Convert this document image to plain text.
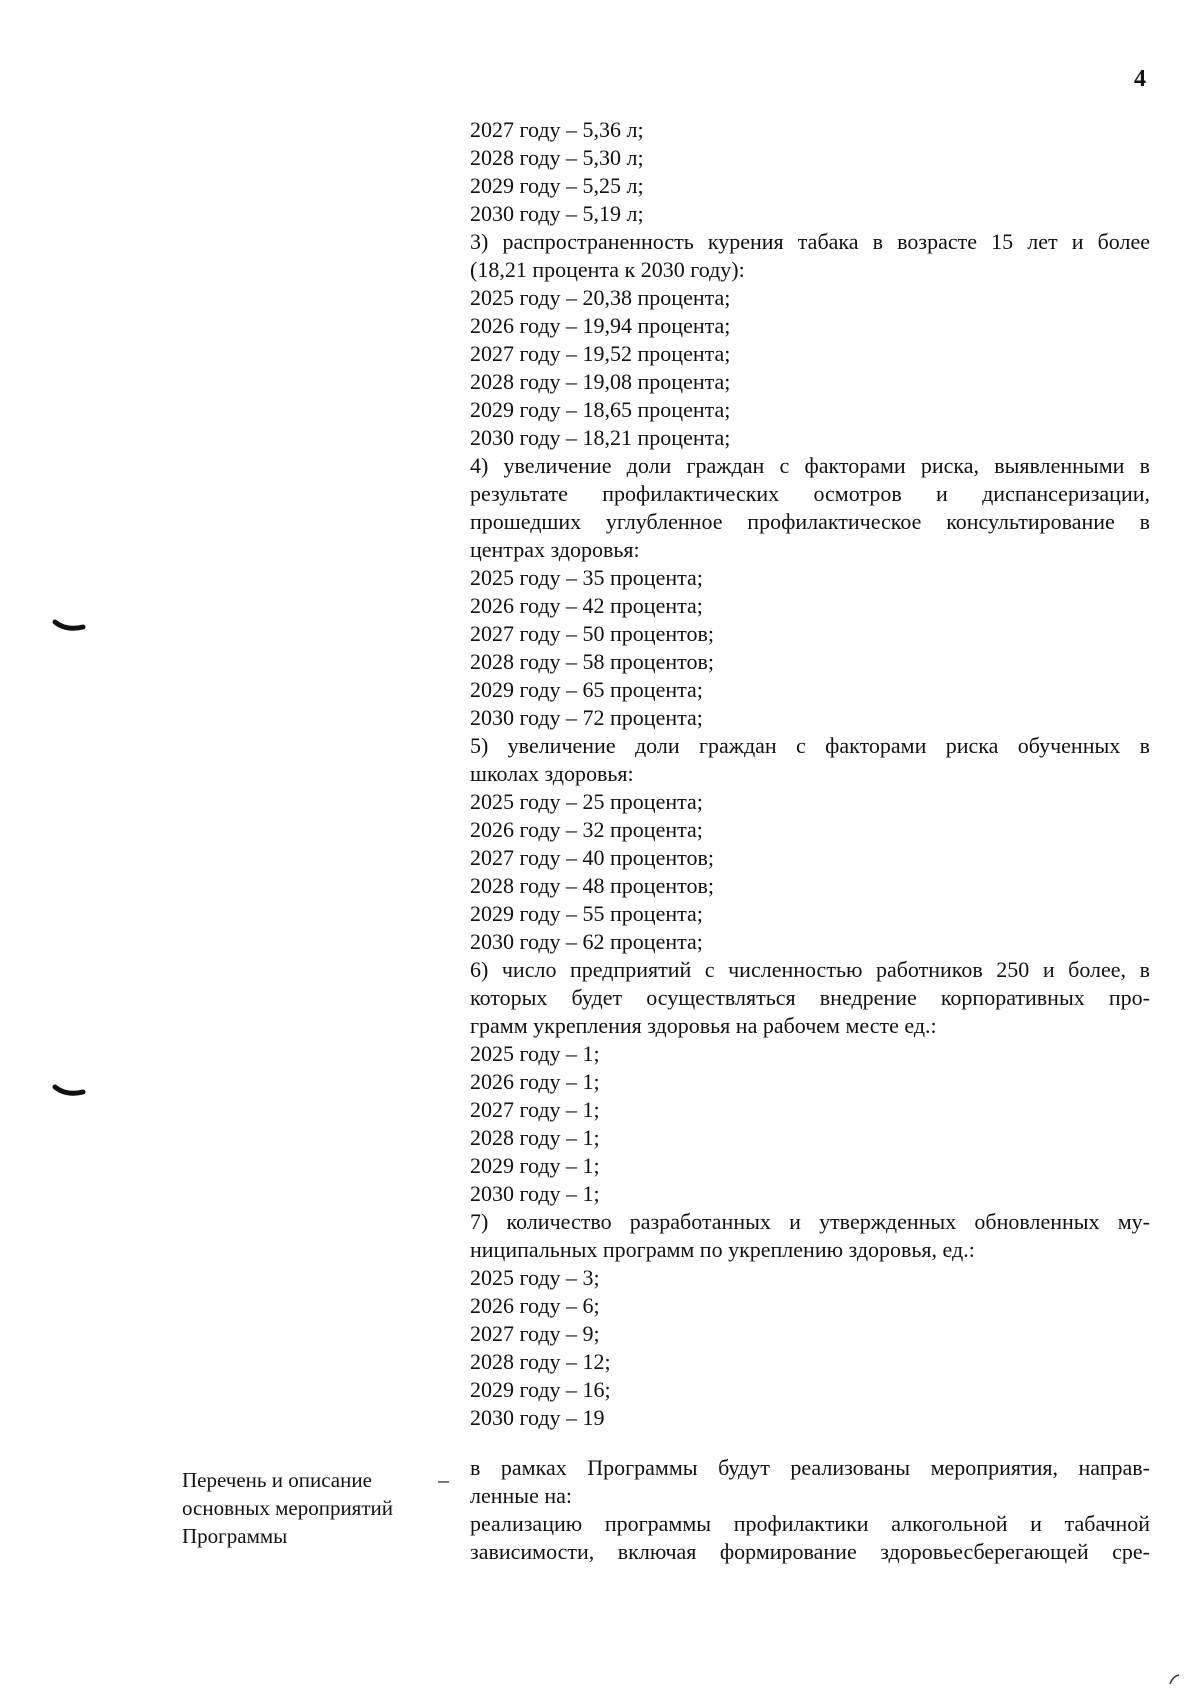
4
2027 году – 5,36 л;
2028 году – 5,30 л;
2029 году – 5,25 л;
2030 году – 5,19 л;
3) распространенность курения табака в возрасте 15 лет и более
(18,21 процента к 2030 году):
2025 году – 20,38 процента;
2026 году – 19,94 процента;
2027 году – 19,52 процента;
2028 году – 19,08 процента;
2029 году – 18,65 процента;
2030 году – 18,21 процента;
4) увеличение доли граждан с факторами риска, выявленными в
результате профилактических осмотров и диспансеризации,
прошедших углубленное профилактическое консультирование в
центрах здоровья:
2025 году – 35 процента;
2026 году – 42 процента;
2027 году – 50 процентов;
2028 году – 58 процентов;
2029 году – 65 процента;
2030 году – 72 процента;
5) увеличение доли граждан с факторами риска обученных в
школах здоровья:
2025 году – 25 процента;
2026 году – 32 процента;
2027 году – 40 процентов;
2028 году – 48 процентов;
2029 году – 55 процента;
2030 году – 62 процента;
6) число предприятий с численностью работников 250 и более, в
которых будет осуществляться внедрение корпоративных про-
грамм укрепления здоровья на рабочем месте ед.:
2025 году – 1;
2026 году – 1;
2027 году – 1;
2028 году – 1;
2029 году – 1;
2030 году – 1;
7) количество разработанных и утвержденных обновленных му-
ниципальных программ по укреплению здоровья, ед.:
2025 году – 3;
2026 году – 6;
2027 году – 9;
2028 году – 12;
2029 году – 16;
2030 году – 19
в рамках Программы будут реализованы мероприятия, направ-
ленные на:
реализацию программы профилактики алкогольной и табачной
зависимости, включая формирование здоровьесберегающей сре-
Перечень и описание
основных мероприятий
Программы
–
